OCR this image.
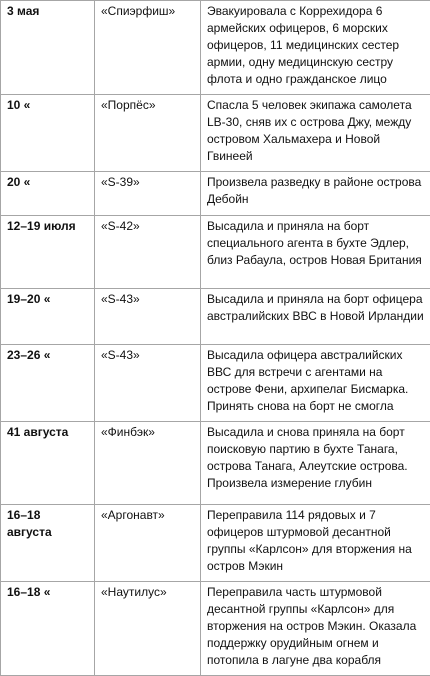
3 мая	«Спиэрфиш»	Эвакуировала с Коррехидора 6 армейских офицеров, 6 морских офицеров, 11 медицинских сестер армии, одну медицинскую сестру флота и одно гражданское лицо
10 «	«Порпёс»	Спасла 5 человек экипажа самолета LB-30, сняв их с острова Джу, между островом Хальмахера и Новой Гвинеей
20 «	«S-39»	Произвела разведку в районе острова Дебойн
12–19 июля	«S-42»	Высадила и приняла на борт специального агента в бухте Эдлер, близ Рабаула, остров Новая Британия
19–20 «	«S-43»	Высадила и приняла на борт офицера австралийских ВВС в Новой Ирландии
23–26 «	«S-43»	Высадила офицера австралийских ВВС для встречи с агентами на острове Фени, архипелаг Бисмарка. Принять снова на борт не смогла
41 августа	«Финбэк»	Высадила и снова приняла на борт поисковую партию в бухте Танага, острова Танага, Алеутские острова. Произвела измерение глубин
16–18 августа	«Аргонавт»	Переправила 114 рядовых и 7 офицеров штурмовой десантной группы «Карлсон» для вторжения на остров Мэкин
16–18 «	«Наутилус»	Переправила часть штурмовой десантной группы «Карлсон» для вторжения на остров Мэкин. Оказала поддержку орудийным огнем и потопила в лагуне два корабля
